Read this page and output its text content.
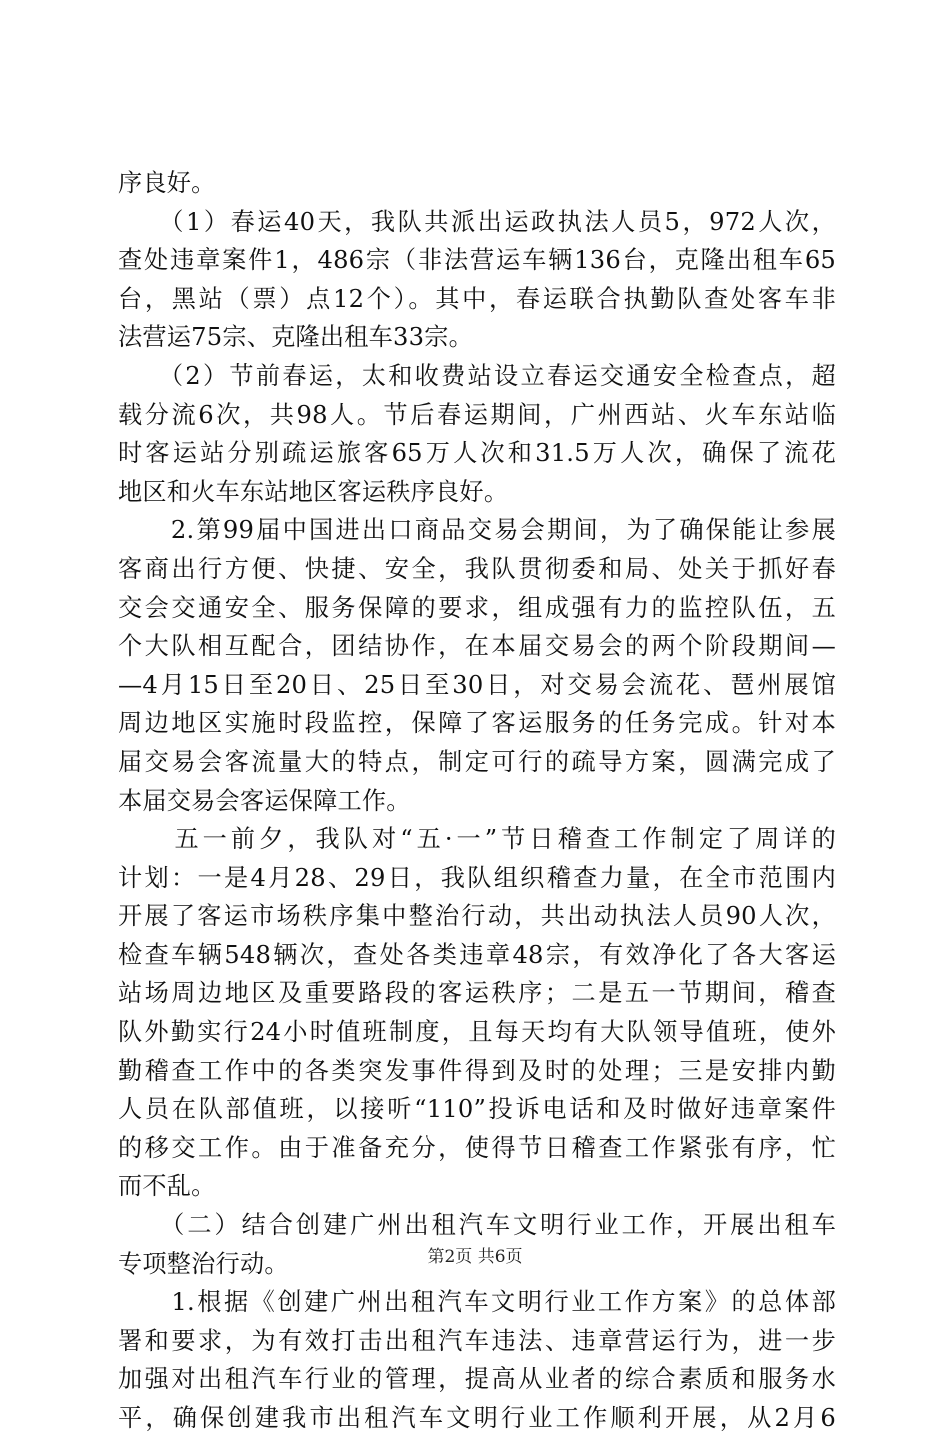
序良好。
　　（1）春运40天，我队共派出运政执法人员5，972人次，
查处违章案件1，486宗（非法营运车辆136台，克隆出租车65
台，黑站（票）点12个）。其中，春运联合执勤队查处客车非
法营运75宗、克隆出租车33宗。
　　（2）节前春运，太和收费站设立春运交通安全检查点，超
载分流6次，共98人。节后春运期间，广州西站、火车东站临
时客运站分别疏运旅客65万人次和31.5万人次，确保了流花
地区和火车东站地区客运秩序良好。
　　2.第99届中国进出口商品交易会期间，为了确保能让参展
客商出行方便、快捷、安全，我队贯彻委和局、处关于抓好春
交会交通安全、服务保障的要求，组成强有力的监控队伍，五
个大队相互配合，团结协作，在本届交易会的两个阶段期间—
—4月15日至20日、25日至30日，对交易会流花、琶州展馆
周边地区实施时段监控，保障了客运服务的任务完成。针对本
届交易会客流量大的特点，制定可行的疏导方案，圆满完成了
本届交易会客运保障工作。
　　五一前夕，我队对“五·一”节日稽查工作制定了周详的
计划：一是4月28、29日，我队组织稽查力量，在全市范围内
开展了客运市场秩序集中整治行动，共出动执法人员90人次，
检查车辆548辆次，查处各类违章48宗，有效净化了各大客运
站场周边地区及重要路段的客运秩序；二是五一节期间，稽查
队外勤实行24小时值班制度，且每天均有大队领导值班，使外
勤稽查工作中的各类突发事件得到及时的处理；三是安排内勤
人员在队部值班，以接听“110”投诉电话和及时做好违章案件
的移交工作。由于准备充分，使得节日稽查工作紧张有序，忙
而不乱。
　　（二）结合创建广州出租汽车文明行业工作，开展出租车
专项整治行动。
　　1.根据《创建广州出租汽车文明行业工作方案》的总体部
署和要求，为有效打击出租汽车违法、违章营运行为，进一步
加强对出租汽车行业的管理，提高从业者的综合素质和服务水
平，确保创建我市出租汽车文明行业工作顺利开展，从2月6
第2页 共6页
